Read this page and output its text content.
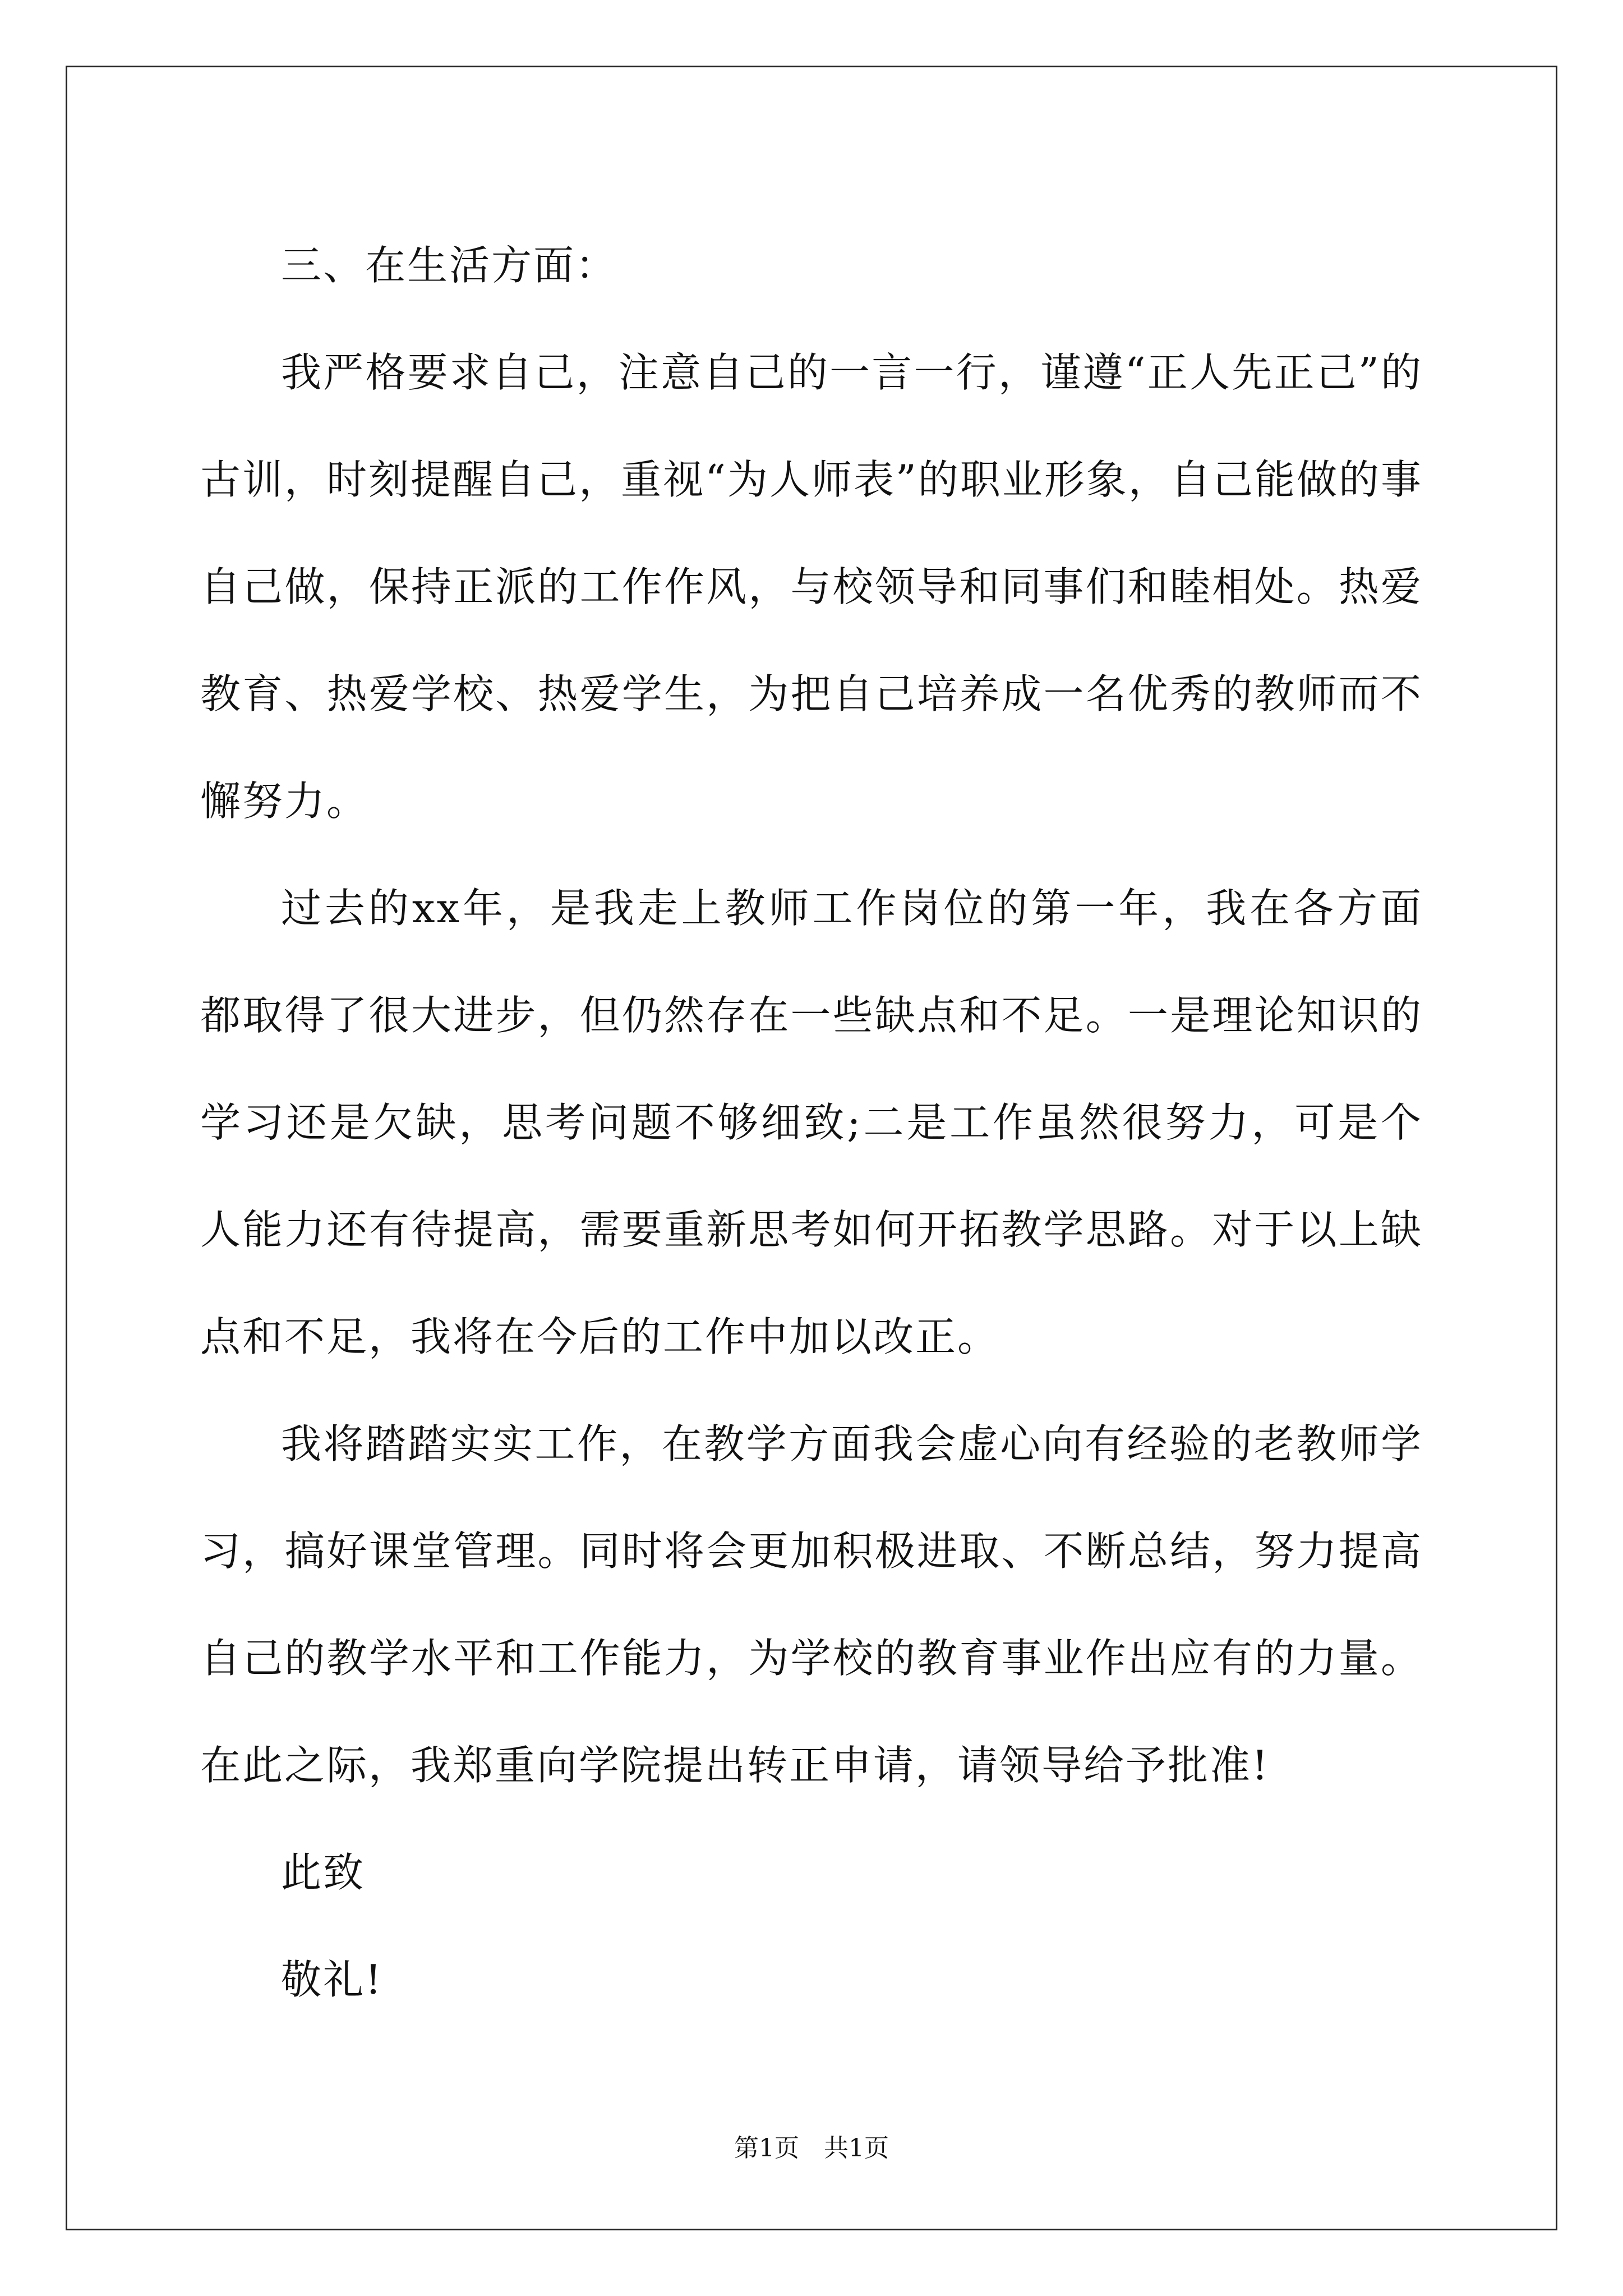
三、在生活方面：

我严格要求自己，注意自己的一言一行，谨遵“正人先正己”的古训，时刻提醒自己，重视“为人师表”的职业形象，自己能做的事自己做，保持正派的工作作风，与校领导和同事们和睦相处。热爱教育、热爱学校、热爱学生，为把自己培养成一名优秀的教师而不懈努力。

过去的xx年，是我走上教师工作岗位的第一年，我在各方面都取得了很大进步，但仍然存在一些缺点和不足。一是理论知识的学习还是欠缺，思考问题不够细致;二是工作虽然很努力，可是个人能力还有待提高，需要重新思考如何开拓教学思路。对于以上缺点和不足，我将在今后的工作中加以改正。

我将踏踏实实工作，在教学方面我会虚心向有经验的老教师学习，搞好课堂管理。同时将会更加积极进取、不断总结，努力提高自己的教学水平和工作能力，为学校的教育事业作出应有的力量。在此之际，我郑重向学院提出转正申请，请领导给予批准!

此致

敬礼!

第1页 共1页
